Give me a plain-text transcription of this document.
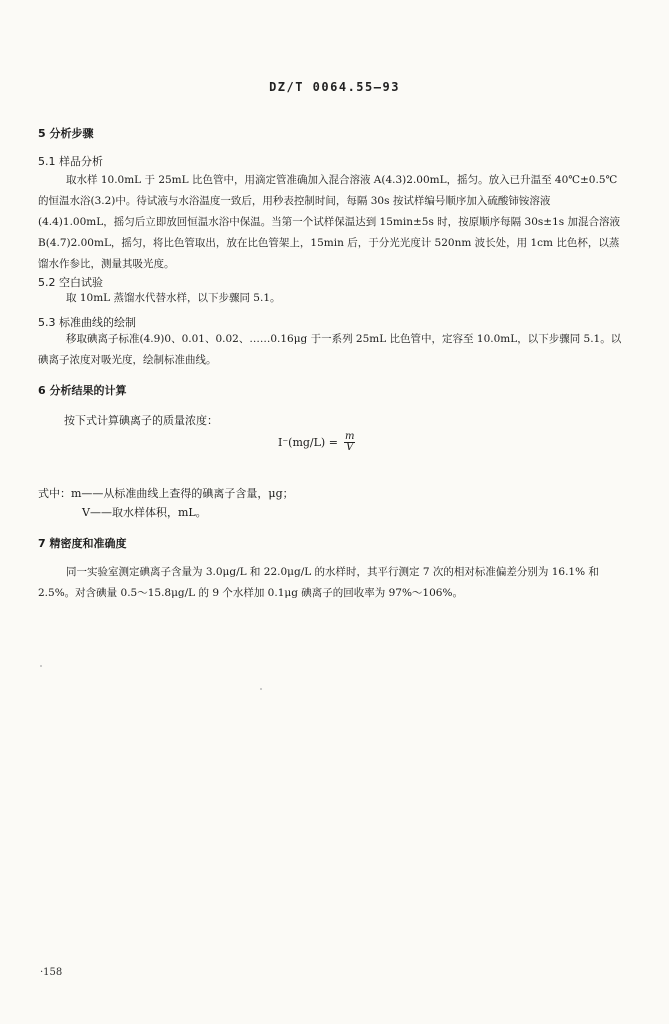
DZ/T 0064.55—93
5 分析步骤
5.1 样品分析

取水样 10.0mL 于 25mL 比色管中，用滴定管准确加入混合溶液 A(4.3)2.00mL，摇匀。放入已升温至 40℃±0.5℃ 的恒温水浴(3.2)中。待试液与水浴温度一致后，用秒表控制时间，每隔 30s 按试样编号顺序加入硫酸铈铵溶液(4.4)1.00mL，摇匀后立即放回恒温水浴中保温。当第一个试样保温达到 15min±5s 时，按原顺序每隔 30s±1s 加混合溶液 B(4.7)2.00mL，摇匀，将比色管取出，放在比色管架上，15min 后，于分光光度计 520nm 波长处，用 1cm 比色杯，以蒸馏水作参比，测量其吸光度。

5.2 空白试验

取 10mL 蒸馏水代替水样，以下步骤同 5.1。

5.3 标准曲线的绘制

移取碘离子标准(4.9)0、0.01、0.02、……0.16μg 于一系列 25mL 比色管中，定容至 10.0mL，以下步骤同 5.1。以碘离子浓度对吸光度，绘制标准曲线。

6 分析结果的计算
按下式计算碘离子的质量浓度：
$I^-(mg/L) = \frac{m}{V}$
式中：m——从标准曲线上查得的碘离子含量，μg；
V——取水样体积，mL。
7 精密度和准确度

同一实验室测定碘离子含量为 3.0μg/L 和 22.0μg/L 的水样时，其平行测定 7 次的相对标准偏差分别为 16.1% 和 2.5%。对含碘量 0.5～15.8μg/L 的 9 个水样加 0.1μg 碘离子的回收率为 97%～106%。

·158
